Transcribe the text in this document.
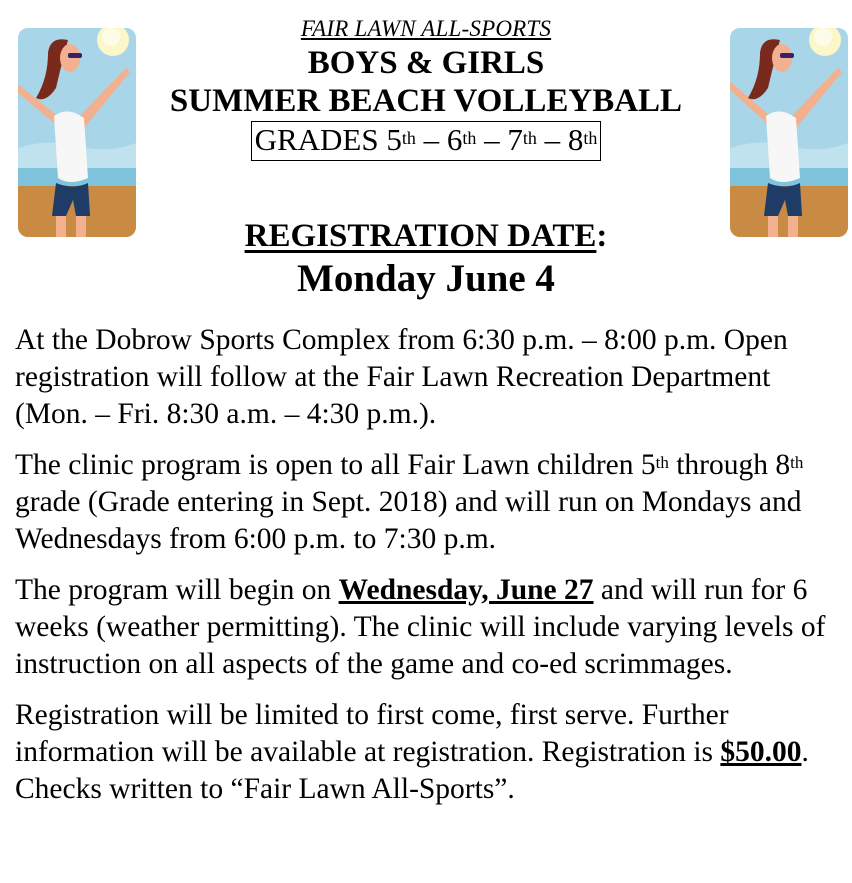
FAIR LAWN ALL-SPORTS
BOYS & GIRLS
SUMMER BEACH VOLLEYBALL
GRADES 5th – 6th – 7th – 8th
REGISTRATION DATE:
Monday June 4

At the Dobrow Sports Complex from 6:30 p.m. – 8:00 p.m. Open registration will follow at the Fair Lawn Recreation Department (Mon. – Fri. 8:30 a.m. – 4:30 p.m.).

The clinic program is open to all Fair Lawn children 5th through 8th grade (Grade entering in Sept. 2018) and will run on Mondays and Wednesdays from 6:00 p.m. to 7:30 p.m.

The program will begin on Wednesday, June 27 and will run for 6 weeks (weather permitting). The clinic will include varying levels of instruction on all aspects of the game and co-ed scrimmages.

Registration will be limited to first come, first serve. Further information will be available at registration. Registration is $50.00. Checks written to “Fair Lawn All-Sports”.
